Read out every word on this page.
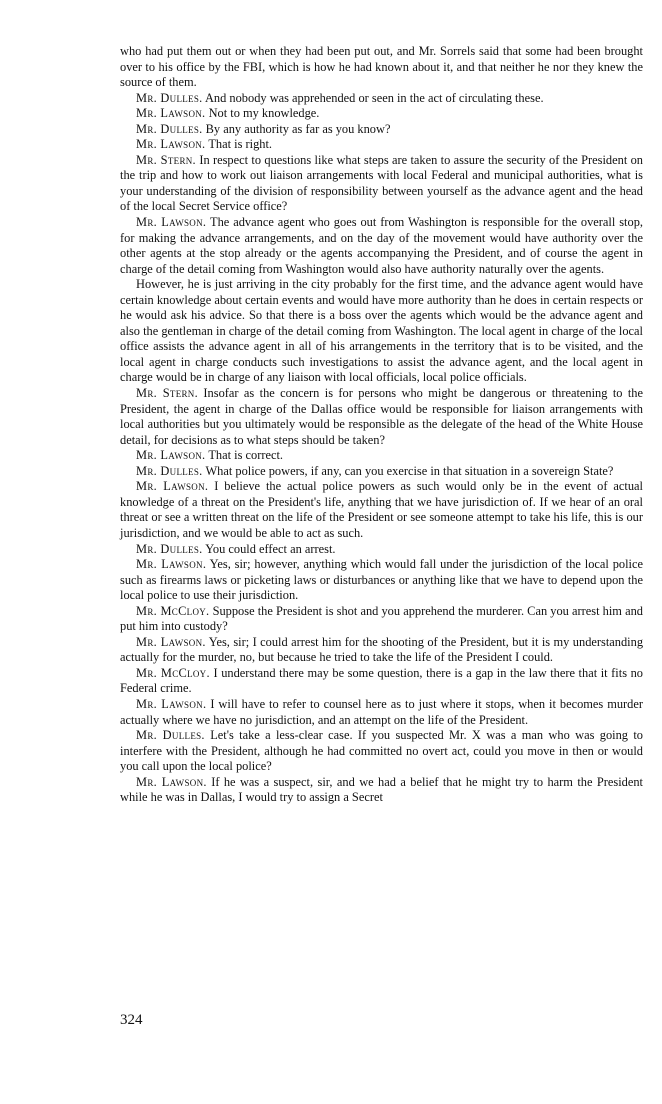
who had put them out or when they had been put out, and Mr. Sorrels said that some had been brought over to his office by the FBI, which is how he had known about it, and that neither he nor they knew the source of them.

Mr. Dulles. And nobody was apprehended or seen in the act of circulating these.

Mr. Lawson. Not to my knowledge.

Mr. Dulles. By any authority as far as you know?

Mr. Lawson. That is right.

Mr. Stern. In respect to questions like what steps are taken to assure the security of the President on the trip and how to work out liaison arrangements with local Federal and municipal authorities, what is your understanding of the division of responsibility between yourself as the advance agent and the head of the local Secret Service office?

Mr. Lawson. The advance agent who goes out from Washington is responsible for the overall stop, for making the advance arrangements, and on the day of the movement would have authority over the other agents at the stop already or the agents accompanying the President, and of course the agent in charge of the detail coming from Washington would also have authority naturally over the agents.

However, he is just arriving in the city probably for the first time, and the advance agent would have certain knowledge about certain events and would have more authority than he does in certain respects or he would ask his advice. So that there is a boss over the agents which would be the advance agent and also the gentleman in charge of the detail coming from Washington. The local agent in charge of the local office assists the advance agent in all of his arrangements in the territory that is to be visited, and the local agent in charge conducts such investigations to assist the advance agent, and the local agent in charge would be in charge of any liaison with local officials, local police officials.

Mr. Stern. Insofar as the concern is for persons who might be dangerous or threatening to the President, the agent in charge of the Dallas office would be responsible for liaison arrangements with local authorities but you ultimately would be responsible as the delegate of the head of the White House detail, for decisions as to what steps should be taken?

Mr. Lawson. That is correct.

Mr. Dulles. What police powers, if any, can you exercise in that situation in a sovereign State?

Mr. Lawson. I believe the actual police powers as such would only be in the event of actual knowledge of a threat on the President's life, anything that we have jurisdiction of. If we hear of an oral threat or see a written threat on the life of the President or see someone attempt to take his life, this is our jurisdiction, and we would be able to act as such.

Mr. Dulles. You could effect an arrest.

Mr. Lawson. Yes, sir; however, anything which would fall under the jurisdiction of the local police such as firearms laws or picketing laws or disturbances or anything like that we have to depend upon the local police to use their jurisdiction.

Mr. McCloy. Suppose the President is shot and you apprehend the murderer. Can you arrest him and put him into custody?

Mr. Lawson. Yes, sir; I could arrest him for the shooting of the President, but it is my understanding actually for the murder, no, but because he tried to take the life of the President I could.

Mr. McCloy. I understand there may be some question, there is a gap in the law there that it fits no Federal crime.

Mr. Lawson. I will have to refer to counsel here as to just where it stops, when it becomes murder actually where we have no jurisdiction, and an attempt on the life of the President.

Mr. Dulles. Let's take a less-clear case. If you suspected Mr. X was a man who was going to interfere with the President, although he had committed no overt act, could you move in then or would you call upon the local police?

Mr. Lawson. If he was a suspect, sir, and we had a belief that he might try to harm the President while he was in Dallas, I would try to assign a Secret

324
